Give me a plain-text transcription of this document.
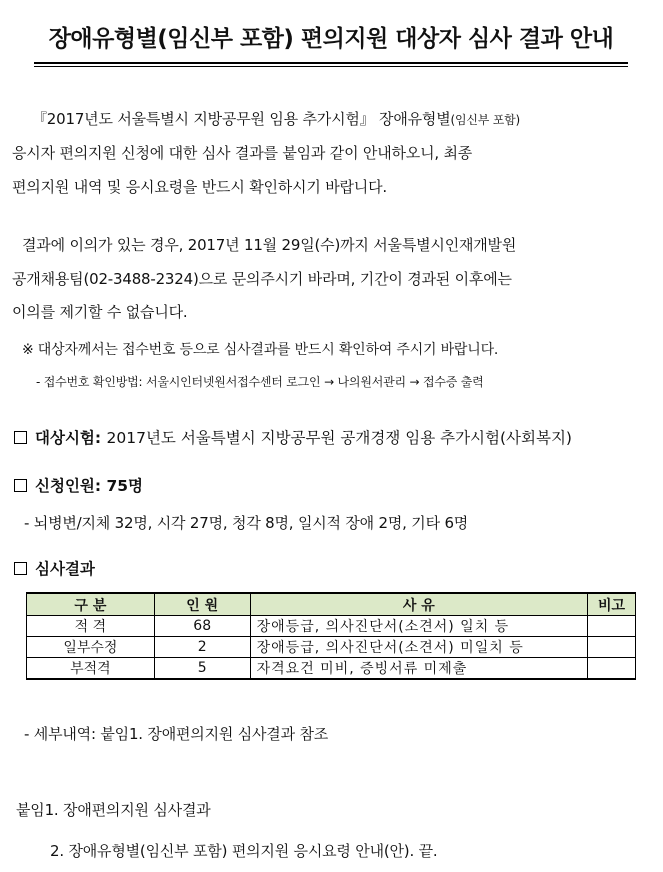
장애유형별(임신부 포함) 편의지원 대상자 심사 결과 안내
『2017년도 서울특별시 지방공무원 임용 추가시험』 장애유형별(임신부 포함)
응시자 편의지원 신청에 대한 심사 결과를 붙임과 같이 안내하오니, 최종
편의지원 내역 및 응시요령을 반드시 확인하시기 바랍니다.
결과에 이의가 있는 경우, 2017년 11월 29일(수)까지 서울특별시인재개발원
공개채용팀(02-3488-2324)으로 문의주시기 바라며, 기간이 경과된 이후에는
이의를 제기할 수 없습니다.
※ 대상자께서는 접수번호 등으로 심사결과를 반드시 확인하여 주시기 바랍니다.
- 접수번호 확인방법: 서울시인터넷원서접수센터 로그인 → 나의원서관리 → 접수증 출력
대상시험: 2017년도 서울특별시 지방공무원 공개경쟁 임용 추가시험(사회복지)
신청인원: 75명
- 뇌병변/지체 32명, 시각 27명, 청각 8명, 일시적 장애 2명, 기타 6명
심사결과
구 분	인 원	사 유	비고
적 격	68	장애등급, 의사진단서(소견서) 일치 등	
일부수정	2	장애등급, 의사진단서(소견서) 미일치 등	
부적격	5	자격요건 미비, 증빙서류 미제출	
- 세부내역: 붙임1. 장애편의지원 심사결과 참조
붙임1. 장애편의지원 심사결과
2. 장애유형별(임신부 포함) 편의지원 응시요령 안내(안). 끝.
